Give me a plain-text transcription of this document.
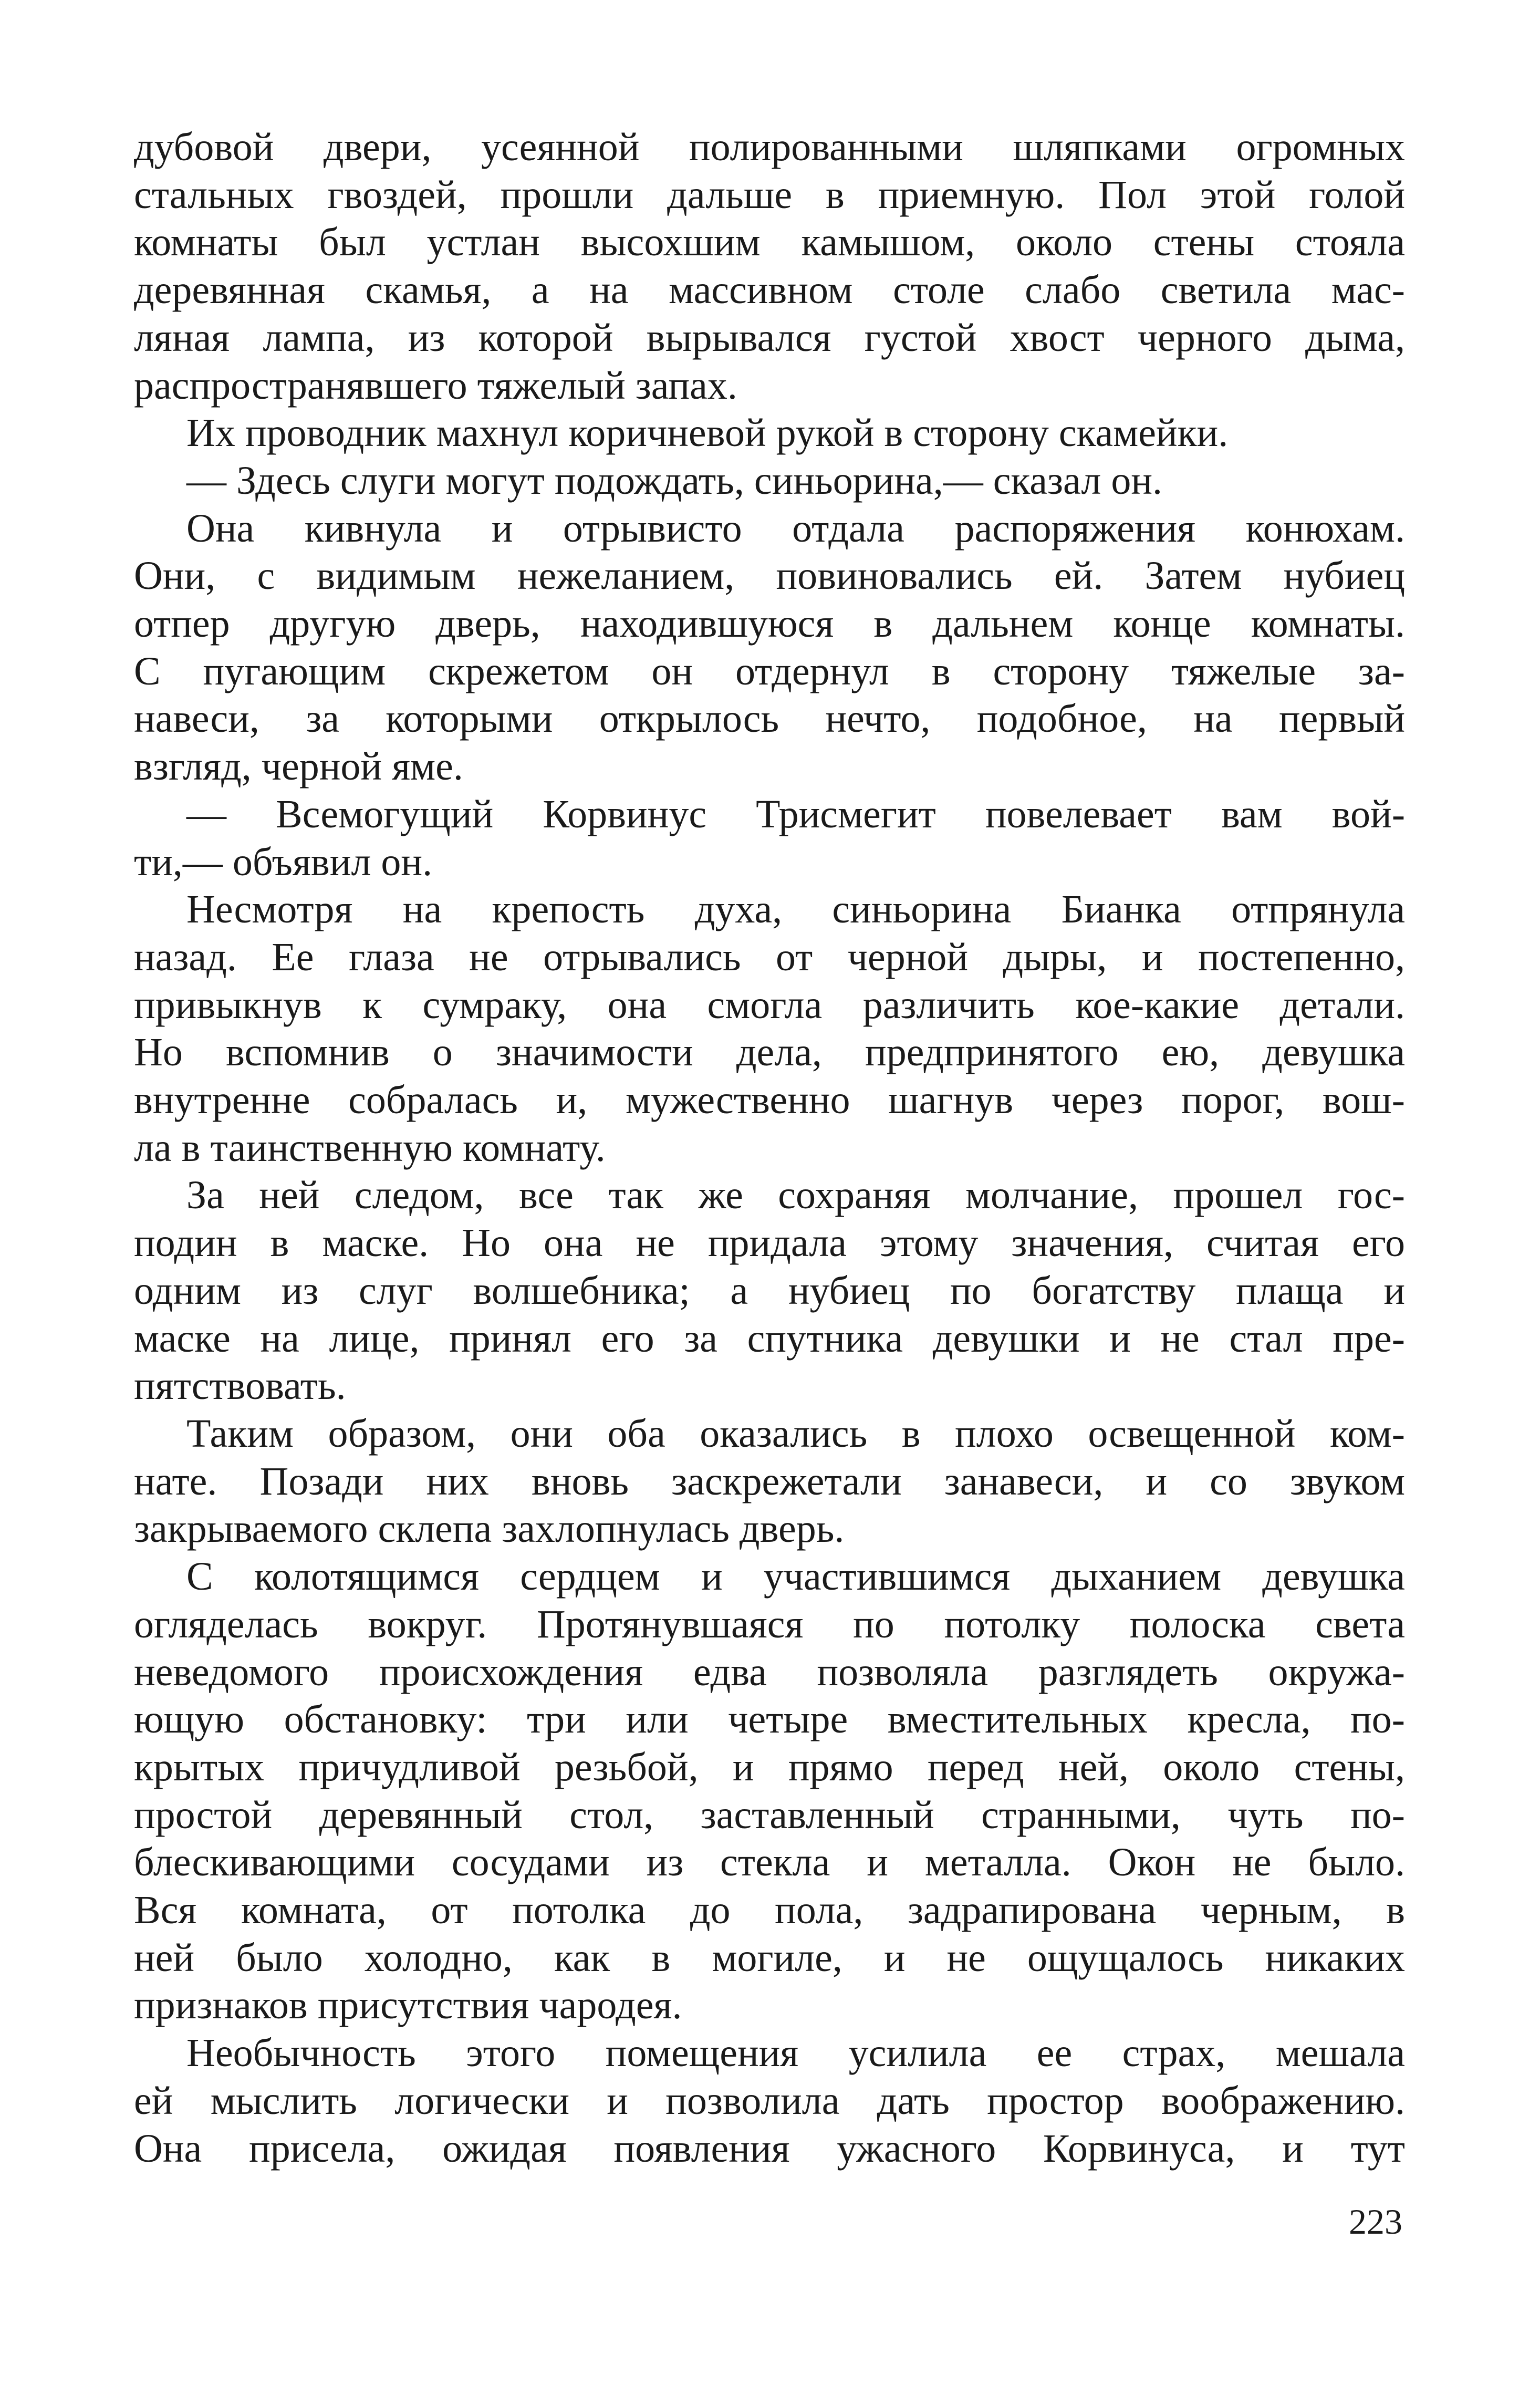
дубовой двери, усеянной полированными шляпками огромных
стальных гвоздей, прошли дальше в приемную. Пол этой голой
комнаты был устлан высохшим камышом, около стены стояла
деревянная скамья, а на массивном столе слабо светила мас-
ляная лампа, из которой вырывался густой хвост черного дыма,
распространявшего тяжелый запах.
Их проводник махнул коричневой рукой в сторону скамейки.
— Здесь слуги могут подождать, синьорина,— сказал он.
Она кивнула и отрывисто отдала распоряжения конюхам.
Они, с видимым нежеланием, повиновались ей. Затем нубиец
отпер другую дверь, находившуюся в дальнем конце комнаты.
С пугающим скрежетом он отдернул в сторону тяжелые за-
навеси, за которыми открылось нечто, подобное, на первый
взгляд, черной яме.
— Всемогущий Корвинус Трисмегит повелевает вам вой-
ти,— объявил он.
Несмотря на крепость духа, синьорина Бианка отпрянула
назад. Ее глаза не отрывались от черной дыры, и постепенно,
привыкнув к сумраку, она смогла различить кое-какие детали.
Но вспомнив о значимости дела, предпринятого ею, девушка
внутренне собралась и, мужественно шагнув через порог, вош-
ла в таинственную комнату.
За ней следом, все так же сохраняя молчание, прошел гос-
подин в маске. Но она не придала этому значения, считая его
одним из слуг волшебника; а нубиец по богатству плаща и
маске на лице, принял его за спутника девушки и не стал пре-
пятствовать.
Таким образом, они оба оказались в плохо освещенной ком-
нате. Позади них вновь заскрежетали занавеси, и со звуком
закрываемого склепа захлопнулась дверь.
С колотящимся сердцем и участившимся дыханием девушка
огляделась вокруг. Протянувшаяся по потолку полоска света
неведомого происхождения едва позволяла разглядеть окружа-
ющую обстановку: три или четыре вместительных кресла, по-
крытых причудливой резьбой, и прямо перед ней, около стены,
простой деревянный стол, заставленный странными, чуть по-
блескивающими сосудами из стекла и металла. Окон не было.
Вся комната, от потолка до пола, задрапирована черным, в
ней было холодно, как в могиле, и не ощущалось никаких
признаков присутствия чародея.
Необычность этого помещения усилила ее страх, мешала
ей мыслить логически и позволила дать простор воображению.
Она присела, ожидая появления ужасного Корвинуса, и тут
223
